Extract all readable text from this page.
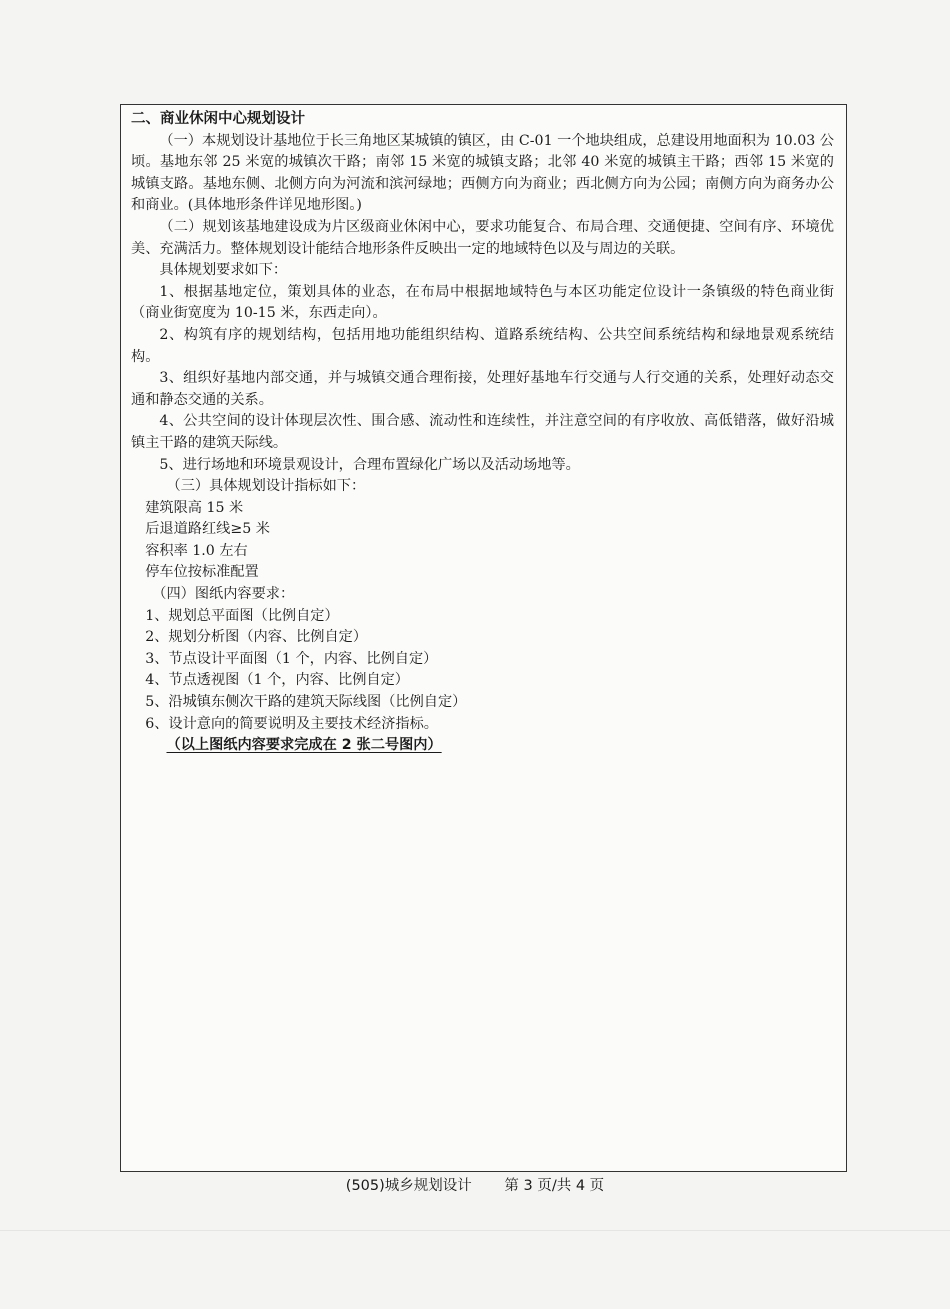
二、商业休闲中心规划设计

（一）本规划设计基地位于长三角地区某城镇的镇区，由 C-01 一个地块组成，总建设用地面积为 10.03 公顷。基地东邻 25 米宽的城镇次干路；南邻 15 米宽的城镇支路；北邻 40 米宽的城镇主干路；西邻 15 米宽的城镇支路。基地东侧、北侧方向为河流和滨河绿地；西侧方向为商业；西北侧方向为公园；南侧方向为商务办公和商业。(具体地形条件详见地形图。)

（二）规划该基地建设成为片区级商业休闲中心，要求功能复合、布局合理、交通便捷、空间有序、环境优美、充满活力。整体规划设计能结合地形条件反映出一定的地域特色以及与周边的关联。

具体规划要求如下：

1、根据基地定位，策划具体的业态，在布局中根据地域特色与本区功能定位设计一条镇级的特色商业街（商业街宽度为 10-15 米，东西走向）。

2、构筑有序的规划结构，包括用地功能组织结构、道路系统结构、公共空间系统结构和绿地景观系统结构。

3、组织好基地内部交通，并与城镇交通合理衔接，处理好基地车行交通与人行交通的关系，处理好动态交通和静态交通的关系。

4、公共空间的设计体现层次性、围合感、流动性和连续性，并注意空间的有序收放、高低错落，做好沿城镇主干路的建筑天际线。

5、进行场地和环境景观设计，合理布置绿化广场以及活动场地等。

（三）具体规划设计指标如下：

建筑限高 15 米

后退道路红线≥5 米

容积率 1.0 左右

停车位按标准配置

（四）图纸内容要求：

1、规划总平面图（比例自定）

2、规划分析图（内容、比例自定）

3、节点设计平面图（1 个，内容、比例自定）

4、节点透视图（1 个，内容、比例自定）

5、沿城镇东侧次干路的建筑天际线图（比例自定）

6、设计意向的简要说明及主要技术经济指标。

（以上图纸内容要求完成在 2 张二号图内）

(505)城乡规划设计 第 3 页/共 4 页
